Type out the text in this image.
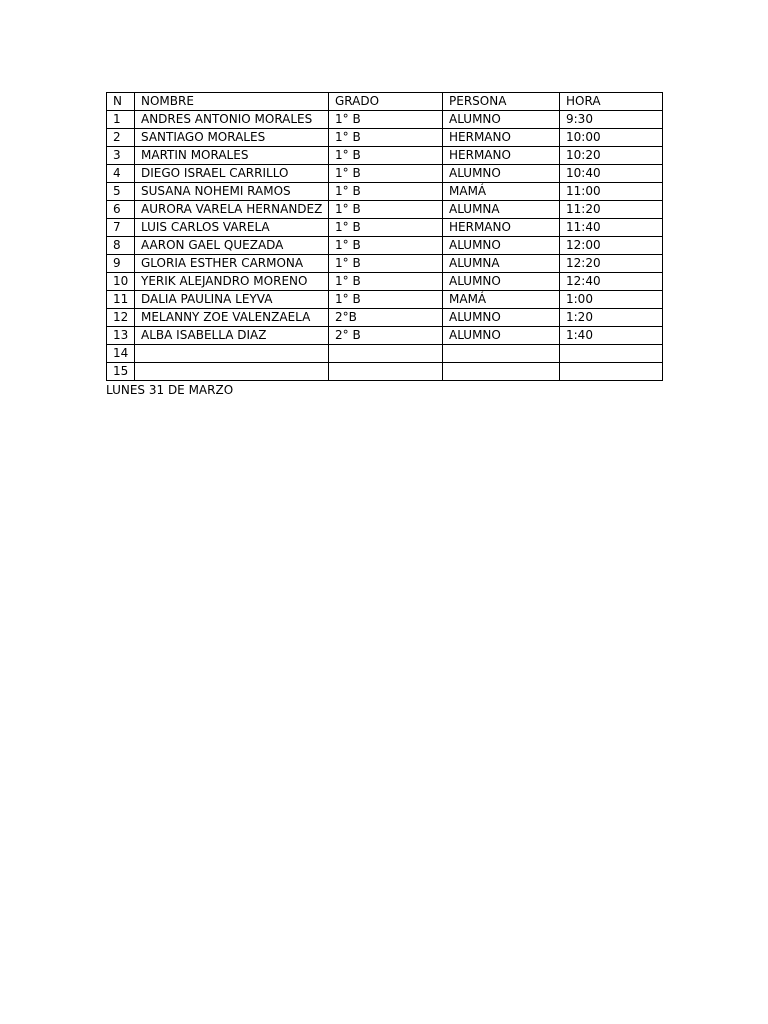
N	NOMBRE	GRADO	PERSONA	HORA
1	ANDRES ANTONIO MORALES	1° B	ALUMNO	9:30
2	SANTIAGO MORALES	1° B	HERMANO	10:00
3	MARTIN MORALES	1° B	HERMANO	10:20
4	DIEGO ISRAEL CARRILLO	1° B	ALUMNO	10:40
5	SUSANA NOHEMI RAMOS	1° B	MAMÁ	11:00
6	AURORA VARELA HERNANDEZ	1° B	ALUMNA	11:20
7	LUIS CARLOS VARELA	1° B	HERMANO	11:40
8	AARON GAEL QUEZADA	1° B	ALUMNO	12:00
9	GLORIA ESTHER CARMONA	1° B	ALUMNA	12:20
10	YERIK ALEJANDRO MORENO	1° B	ALUMNO	12:40
11	DALIA PAULINA LEYVA	1° B	MAMÁ	1:00
12	MELANNY ZOE VALENZAELA	2°B	ALUMNO	1:20
13	ALBA ISABELLA DIAZ	2° B	ALUMNO	1:40
14				
15				
LUNES 31 DE MARZO
